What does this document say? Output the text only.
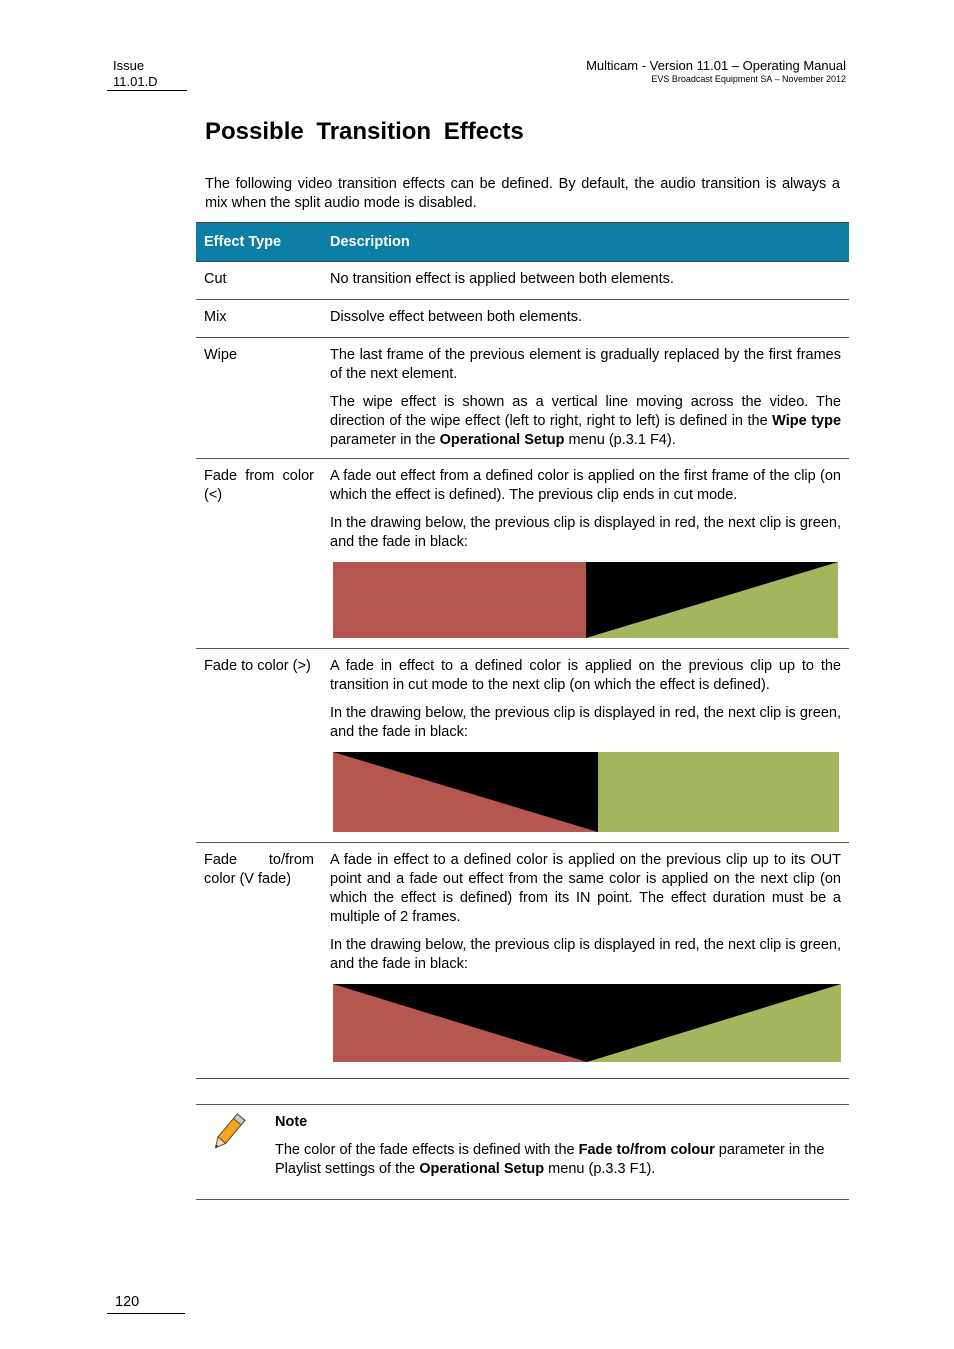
Issue
11.01.D
Multicam - Version 11.01 – Operating Manual
EVS Broadcast Equipment SA – November 2012
Possible Transition Effects

The following video transition effects can be defined. By default, the audio transition is always a mix when the split audio mode is disabled.

Effect Type	Description
Cut	No transition effect is applied between both elements.
Mix	Dissolve effect between both elements.
Wipe	The last frame of the previous element is gradually replaced by the first frames of the next element.

The wipe effect is shown as a vertical line moving across the video. The direction of the wipe effect (left to right, right to left) is defined in the Wipe type parameter in the Operational Setup menu (p.3.1 F4).

Fade from color (<)	A fade out effect from a defined color is applied on the first frame of the clip (on which the effect is defined). The previous clip ends in cut mode.

In the drawing below, the previous clip is displayed in red, the next clip is green, and the fade in black:

Fade to color (>)	A fade in effect to a defined color is applied on the previous clip up to the transition in cut mode to the next clip (on which the effect is defined).

In the drawing below, the previous clip is displayed in red, the next clip is green, and the fade in black:

Fade to/from color (V fade)	A fade in effect to a defined color is applied on the previous clip up to its OUT point and a fade out effect from the same color is applied on the next clip (on which the effect is defined) from its IN point. The effect duration must be a multiple of 2 frames.

In the drawing below, the previous clip is displayed in red, the next clip is green, and the fade in black:

Note
The color of the fade effects is defined with the Fade to/from colour parameter in the Playlist settings of the Operational Setup menu (p.3.3 F1).
120
